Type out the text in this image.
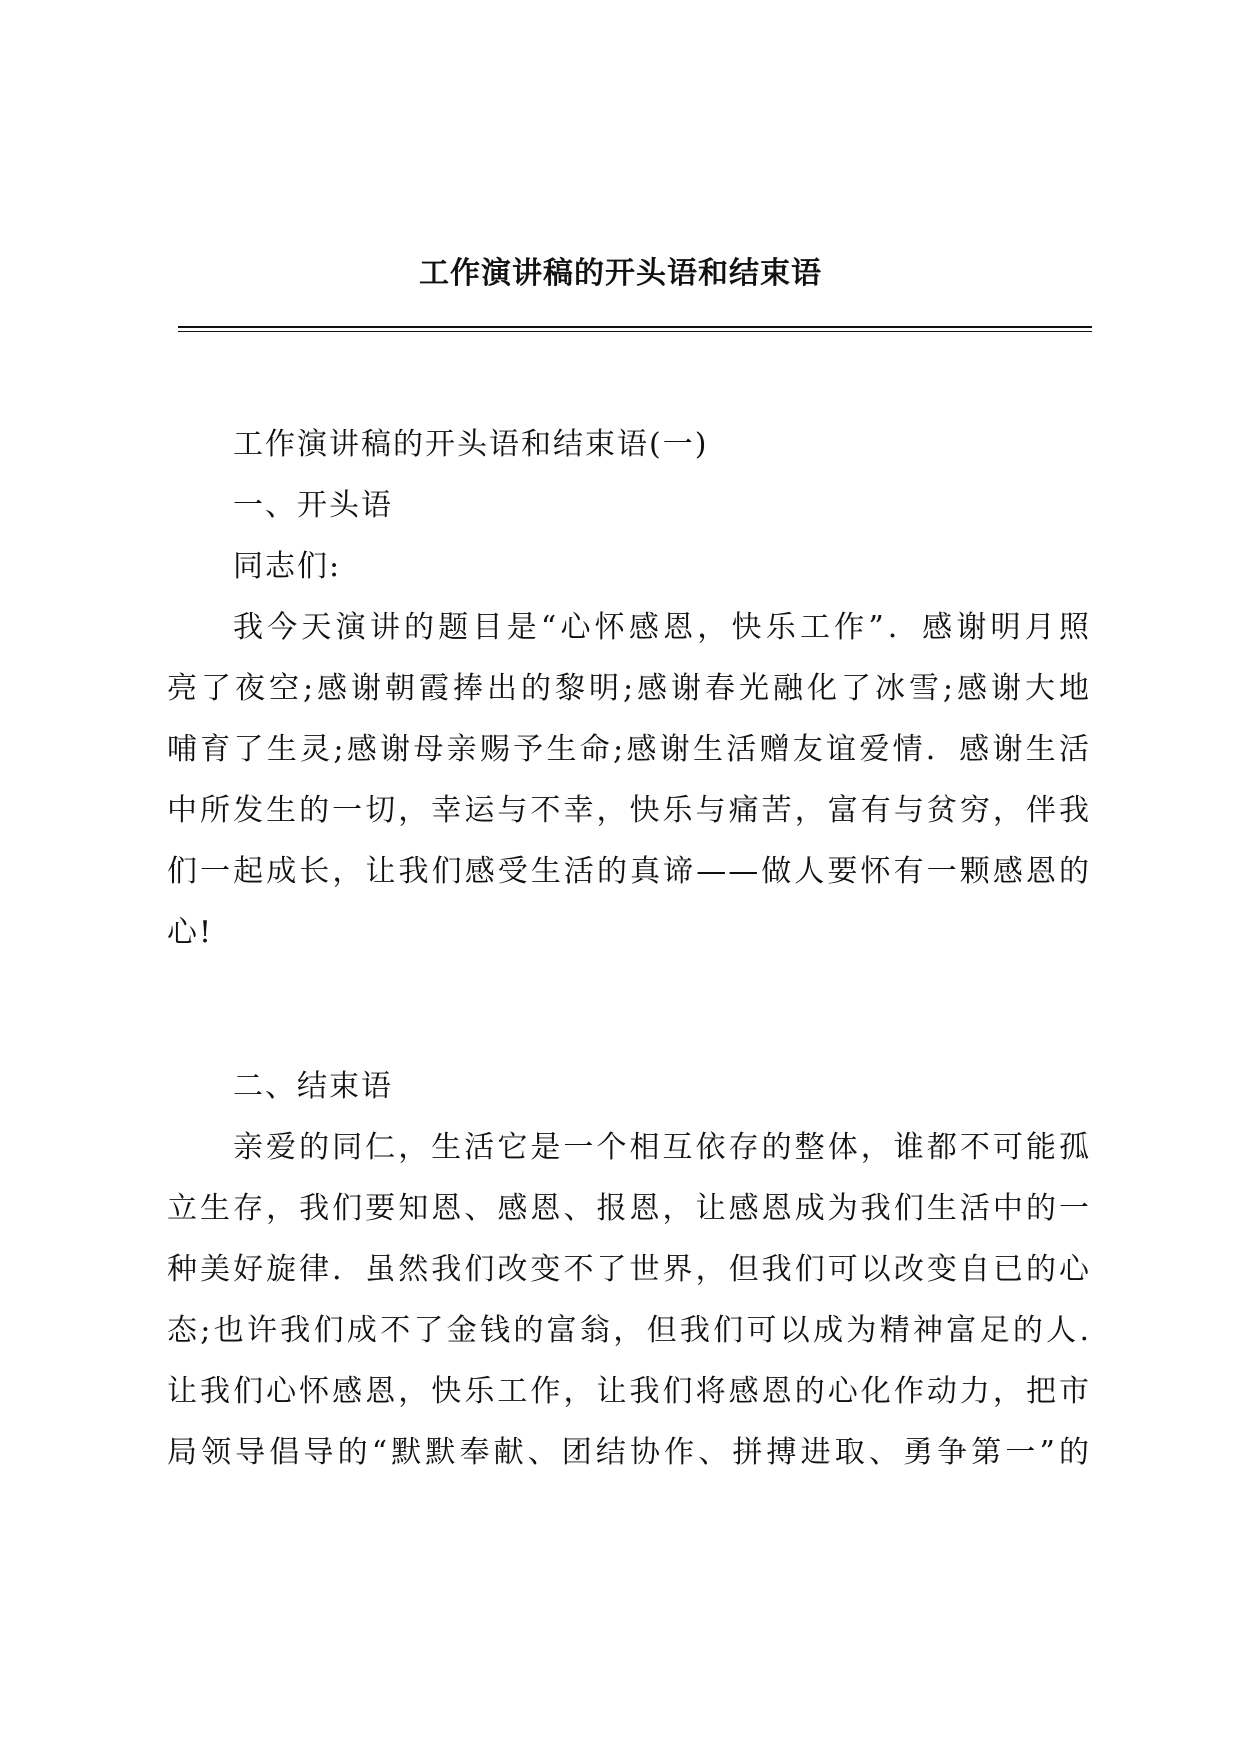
工作演讲稿的开头语和结束语

工作演讲稿的开头语和结束语(一)

一、开头语

同志们:

我今天演讲的题目是“心怀感恩，快乐工作”．感谢明月照

亮了夜空;感谢朝霞捧出的黎明;感谢春光融化了冰雪;感谢大地

哺育了生灵;感谢母亲赐予生命;感谢生活赠友谊爱情．感谢生活

中所发生的一切，幸运与不幸，快乐与痛苦，富有与贫穷，伴我

们一起成长，让我们感受生活的真谛——做人要怀有一颗感恩的

心!

二、结束语

亲爱的同仁，生活它是一个相互依存的整体，谁都不可能孤

立生存，我们要知恩、感恩、报恩，让感恩成为我们生活中的一

种美好旋律．虽然我们改变不了世界，但我们可以改变自已的心

态;也许我们成不了金钱的富翁，但我们可以成为精神富足的人.

让我们心怀感恩，快乐工作，让我们将感恩的心化作动力，把市

局领导倡导的“默默奉献、团结协作、拼搏进取、勇争第一”的
